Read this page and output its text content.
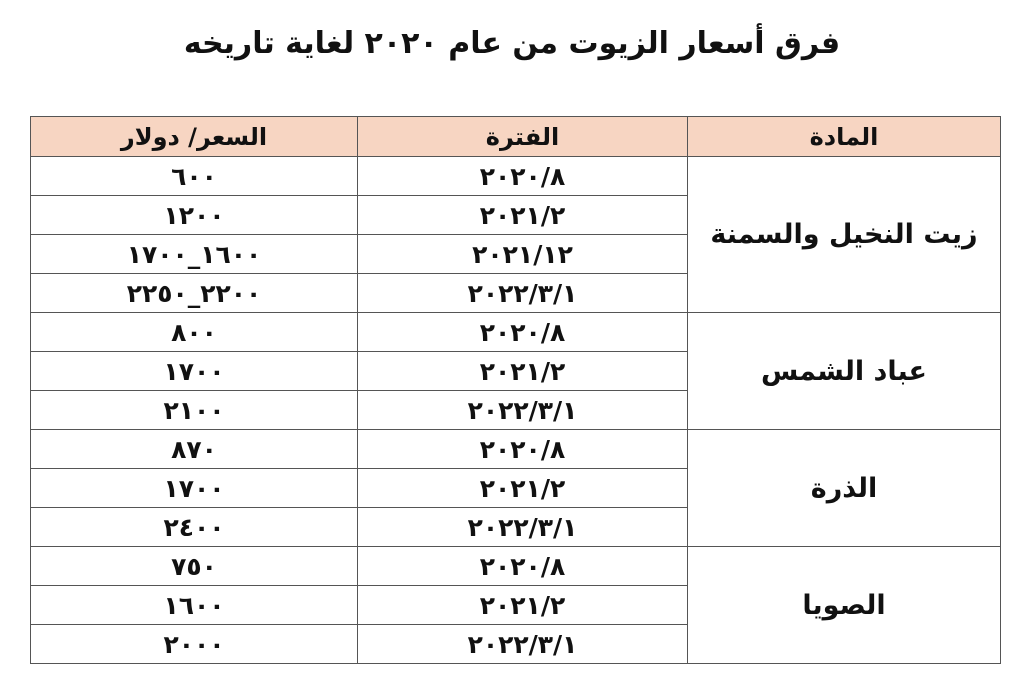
فرق أسعار الزيوت من عام ٢٠٢٠ لغاية تاريخه
المادة	الفترة	السعر/ دولار
زيت النخيل والسمنة	٢٠٢٠/٨	٦٠٠
	٢٠٢١/٢	١٢٠٠
	٢٠٢١/١٢	١٦٠٠_١٧٠٠
	٢٠٢٢/٣/١	٢٢٠٠_٢٢٥٠
عباد الشمس	٢٠٢٠/٨	٨٠٠
	٢٠٢١/٢	١٧٠٠
	٢٠٢٢/٣/١	٢١٠٠
الذرة	٢٠٢٠/٨	٨٧٠
	٢٠٢١/٢	١٧٠٠
	٢٠٢٢/٣/١	٢٤٠٠
الصويا	٢٠٢٠/٨	٧٥٠
	٢٠٢١/٢	١٦٠٠
	٢٠٢٢/٣/١	٢٠٠٠
